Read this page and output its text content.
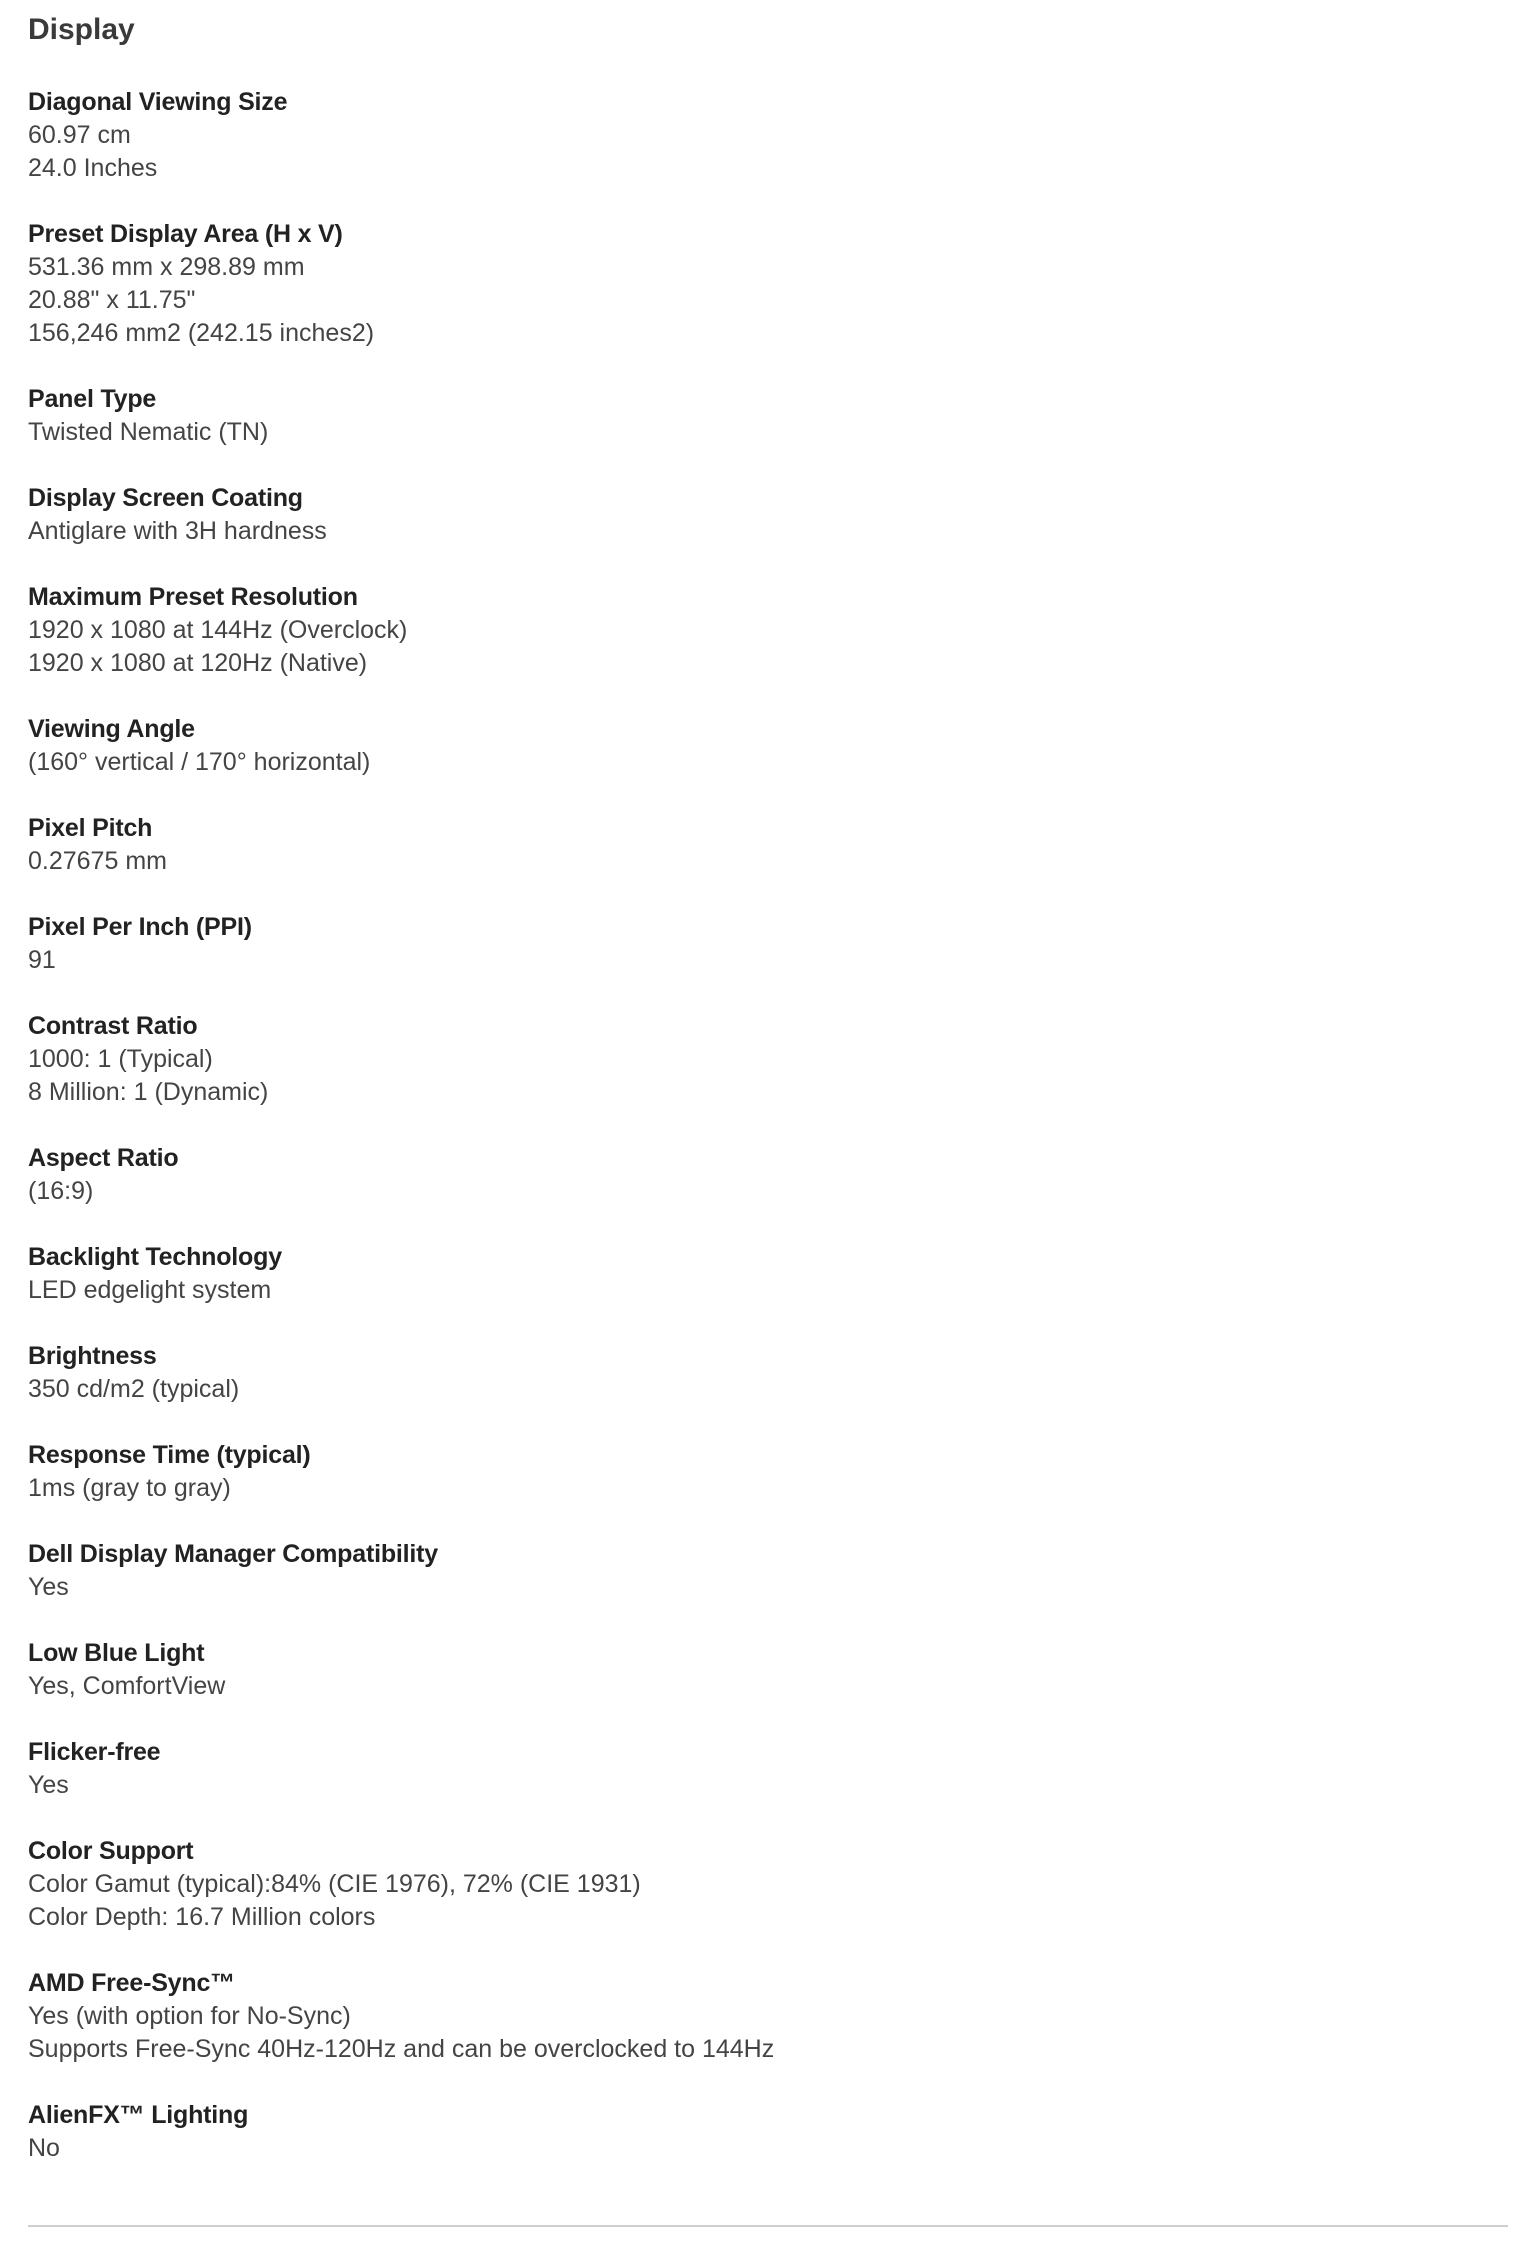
Display
Diagonal Viewing Size
60.97 cm
24.0 Inches
Preset Display Area (H x V)
531.36 mm x 298.89 mm
20.88" x 11.75"
156,246 mm2 (242.15 inches2)
Panel Type
Twisted Nematic (TN)
Display Screen Coating
Antiglare with 3H hardness
Maximum Preset Resolution
1920 x 1080 at 144Hz (Overclock)
1920 x 1080 at 120Hz (Native)
Viewing Angle
(160° vertical / 170° horizontal)
Pixel Pitch
0.27675 mm
Pixel Per Inch (PPI)
91
Contrast Ratio
1000: 1 (Typical)
8 Million: 1 (Dynamic)
Aspect Ratio
(16:9)
Backlight Technology
LED edgelight system
Brightness
350 cd/m2 (typical)
Response Time (typical)
1ms (gray to gray)
Dell Display Manager Compatibility
Yes
Low Blue Light
Yes, ComfortView
Flicker-free
Yes
Color Support
Color Gamut (typical):84% (CIE 1976), 72% (CIE 1931)
Color Depth: 16.7 Million colors
AMD Free-Sync™
Yes (with option for No-Sync)
Supports Free-Sync 40Hz-120Hz and can be overclocked to 144Hz
AlienFX™ Lighting
No
